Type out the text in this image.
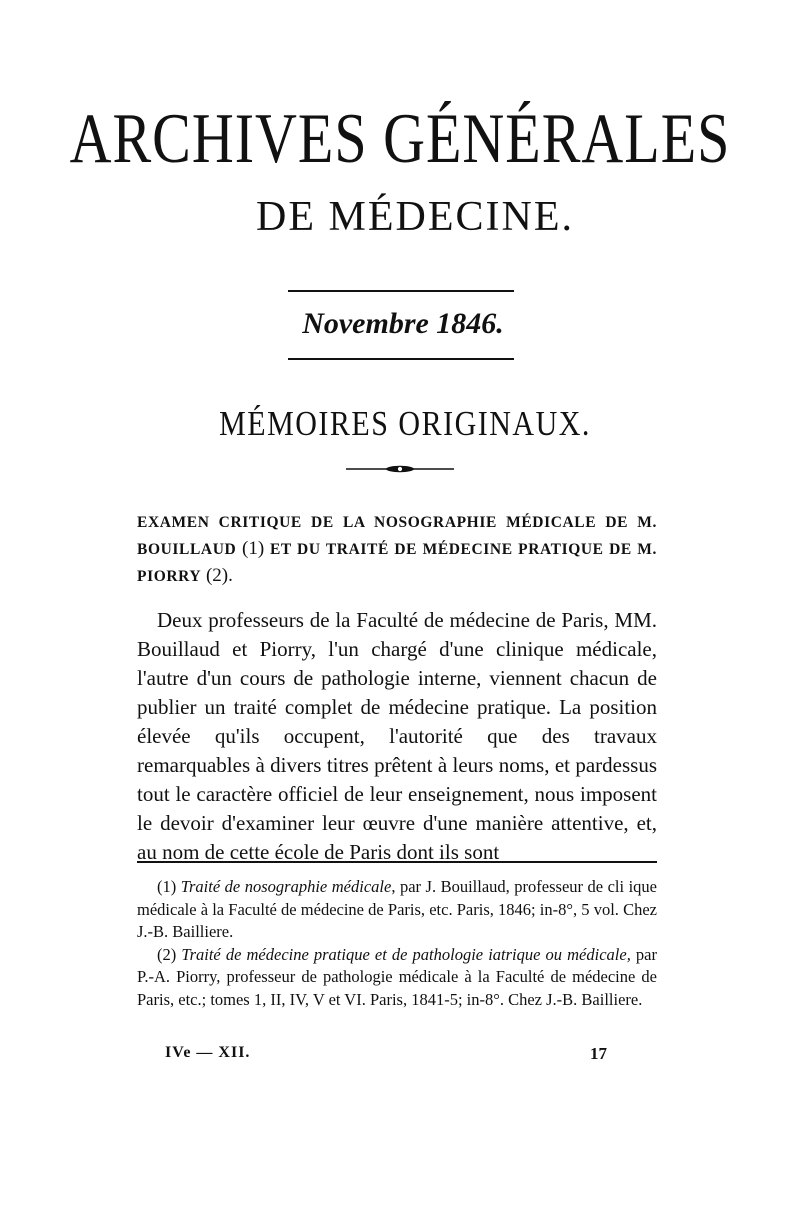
ARCHIVES GÉNÉRALES
DE MÉDECINE.
Novembre 1846.
MÉMOIRES ORIGINAUX.
EXAMEN CRITIQUE DE LA NOSOGRAPHIE MÉDICALE DE M. BOUILLAUD (1) ET DU TRAITÉ DE MÉDECINE PRATIQUE DE M. PIORRY (2).

Deux professeurs de la Faculté de médecine de Paris, MM. Bouillaud et Piorry, l'un chargé d'une clinique médicale, l'autre d'un cours de pathologie interne, viennent chacun de publier un traité complet de médecine pratique. La position élevée qu'ils occupent, l'autorité que des travaux remarquables à divers titres prêtent à leurs noms, et pardessus tout le caractère officiel de leur enseignement, nous imposent le devoir d'examiner leur œuvre d'une manière attentive, et, au nom de cette école de Paris dont ils sont

(1) Traité de nosographie médicale, par J. Bouillaud, professeur de cli ique médicale à la Faculté de médecine de Paris, etc. Paris, 1846; in-8°, 5 vol. Chez J.-B. Bailliere.

(2) Traité de médecine pratique et de pathologie iatrique ou médicale, par P.-A. Piorry, professeur de pathologie médicale à la Faculté de médecine de Paris, etc.; tomes 1, II, IV, V et VI. Paris, 1841-5; in-8°. Chez J.-B. Bailliere.

IVe — XII.	17
